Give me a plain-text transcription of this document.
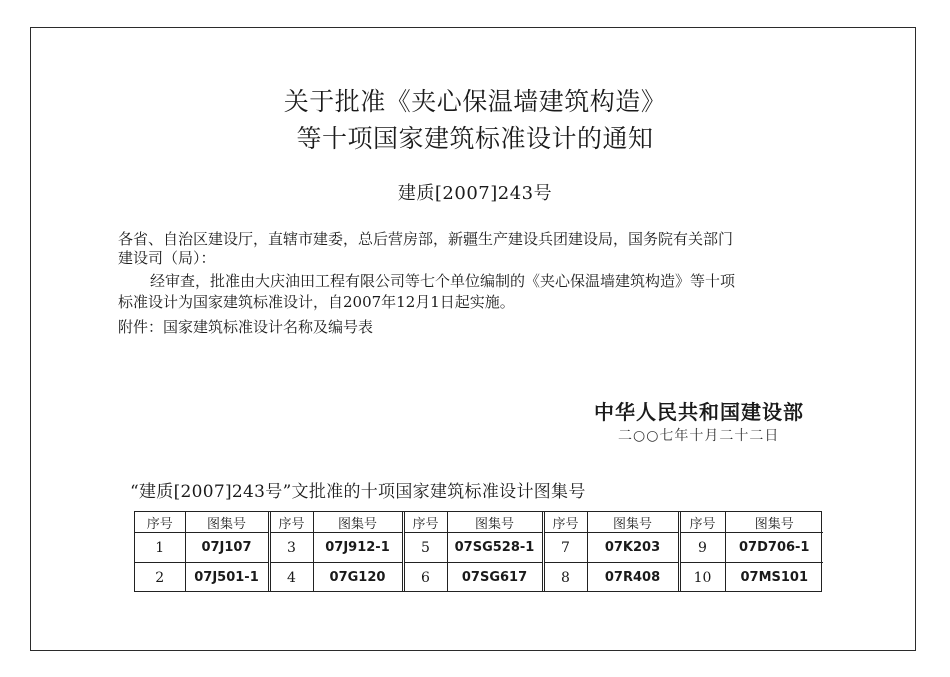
关于批准《夹心保温墙建筑构造》
等十项国家建筑标准设计的通知
建质[2007]243号
各省、自治区建设厅，直辖市建委，总后营房部，新疆生产建设兵团建设局，国务院有关部门
建设司（局）：
经审查，批准由大庆油田工程有限公司等七个单位编制的《夹心保温墙建筑构造》等十项
标准设计为国家建筑标准设计，自2007年12月1日起实施。
附件：国家建筑标准设计名称及编号表
中华人民共和国建设部
二○○七年十月二十二日
“建质[2007]243号”文批准的十项国家建筑标准设计图集号
序号	图集号	序号	图集号	序号	图集号	序号	图集号	序号	图集号
1	07J107	3	07J912-1	5	07SG528-1	7	07K203	9	07D706-1
2	07J501-1	4	07G120	6	07SG617	8	07R408	10	07MS101
